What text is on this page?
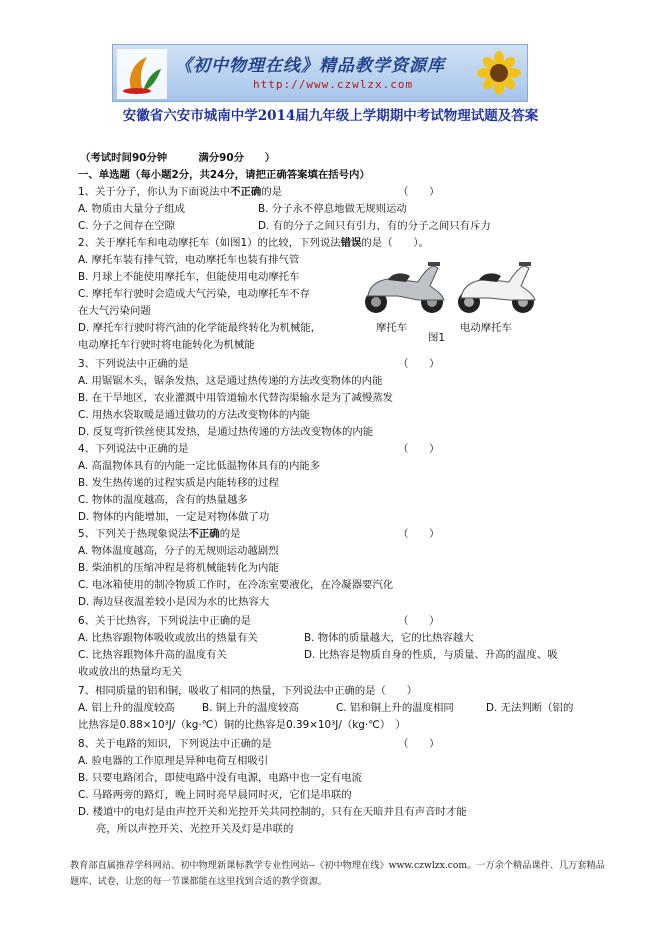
《初中物理在线》精品教学资源库
http://www.czwlzx.com
安徽省六安市城南中学2014届九年级上学期期中考试物理试题及答案
（考试时间90分钟　　　满分90分　　）
一、单选题（每小题2分，共24分，请把正确答案填在括号内）
1、关于分子，你认为下面说法中不正确的是	（　　）
A. 物质由大量分子组成	B. 分子永不停息地做无规则运动
C. 分子之间存在空隙	D. 有的分子之间只有引力，有的分子之间只有斥力
2、关于摩托车和电动摩托车（如图1）的比较，下列说法错误的是（　　）。
A. 摩托车装有排气管，电动摩托车也装有排气管
B. 月球上不能使用摩托车，但能使用电动摩托车
C. 摩托车行驶时会造成大气污染，电动摩托车不存
在大气污染问题
D. 摩托车行驶时将汽油的化学能最终转化为机械能，
电动摩托车行驶时将电能转化为机械能
摩托车	电动摩托车
图1
3、下列说法中正确的是	（　　）
A. 用锯锯木头，锯条发热，这是通过热传递的方法改变物体的内能
B. 在干旱地区，农业灌溉中用管道输水代替沟渠输水是为了减慢蒸发
C. 用热水袋取暖是通过做功的方法改变物体的内能
D. 反复弯折铁丝使其发热，是通过热传递的方法改变物体的内能
4、下列说法中正确的是	（　　）
A. 高温物体具有的内能一定比低温物体具有的内能多
B. 发生热传递的过程实质是内能转移的过程
C. 物体的温度越高，含有的热量越多
D. 物体的内能增加，一定是对物体做了功
5、下列关于热现象说法不正确的是	（　　）
A. 物体温度越高，分子的无规则运动越剧烈
B. 柴油机的压缩冲程是将机械能转化为内能
C. 电冰箱使用的制冷物质工作时，在冷冻室要液化，在冷凝器要汽化
D. 海边昼夜温差较小是因为水的比热容大
6、关于比热容，下列说法中正确的是	（　　）
A. 比热容跟物体吸收或放出的热量有关	B. 物体的质量越大，它的比热容越大
C. 比热容跟物体升高的温度有关	D. 比热容是物质自身的性质，与质量、升高的温度、吸
收或放出的热量均无关
7、相同质量的铝和铜，吸收了相同的热量，下列说法中正确的是（　　）
A. 铝上升的温度较高	B. 铜上升的温度较高	C. 铝和铜上升的温度相同	D. 无法判断（铝的
比热容是0.88×10³J/（kg·℃）铜的比热容是0.39×10³J/（kg·℃）　）
8、关于电路的知识，下列说法中正确的是	（　　）
A. 验电器的工作原理是异种电荷互相吸引
B. 只要电路闭合，即使电路中没有电源，电路中也一定有电流
C. 马路两旁的路灯，晚上同时亮早晨同时灭，它们是串联的
D. 楼道中的电灯是由声控开关和光控开关共同控制的，只有在天暗并且有声音时才能
亮，所以声控开关、光控开关及灯是串联的
教育部直属推荐学科网站、初中物理新课标教学专业性网站--《初中物理在线》www.czwlzx.com。一万余个精品课件、几万套精品题库、试卷，让您的每一节课都能在这里找到合适的教学资源。
